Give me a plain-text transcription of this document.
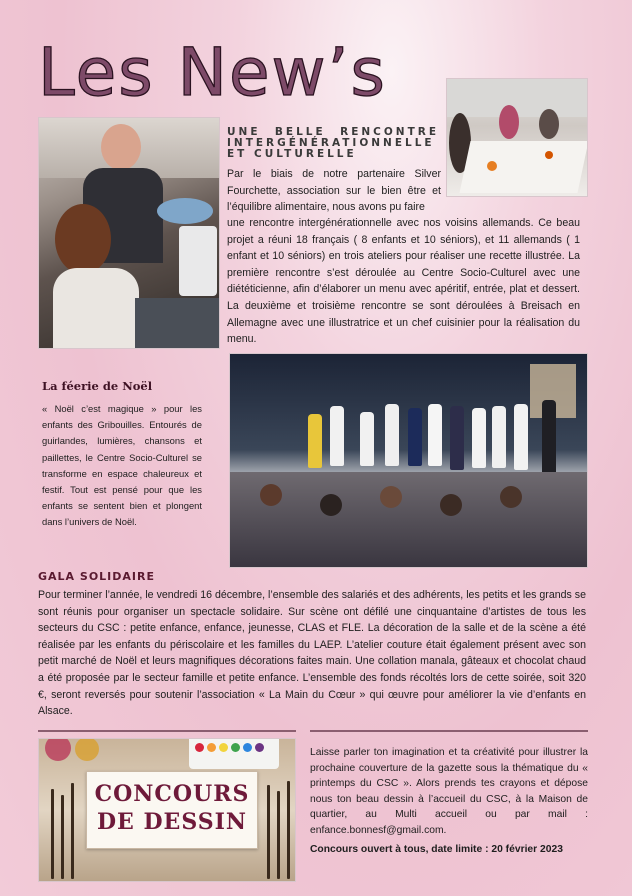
Les New’s
UNE BELLE RENCONTRE INTERGÉNÉRATIONNELLE ET CULTURELLE
Par le biais de notre partenaire Silver Fourchette, association sur le bien être et l’équilibre alimentaire, nous avons pu faire
une rencontre intergénérationnelle avec nos voisins allemands. Ce beau projet a réuni 18 français ( 8 enfants et 10 séniors), et 11 allemands ( 1 enfant et 10 séniors) en trois ateliers pour réaliser une recette illustrée. La première rencontre s’est déroulée au Centre Socio-Culturel avec une diététicienne, afin d’élaborer un menu avec apéritif, entrée, plat et dessert. La deuxième et troisième rencontre se sont déroulées à Breisach en Allemagne avec une illustratrice et un chef cuisinier pour la réalisation du menu.
La féerie de Noël
« Noël c’est magique » pour les enfants des Gribouilles. Entourés de guirlandes, lumières, chansons et paillettes, le Centre Socio-Culturel se transforme en espace chaleureux et festif. Tout est pensé pour que les enfants se sentent bien et plongent dans l’univers de Noël.
GALA SOLIDAIRE
Pour terminer l’année, le vendredi 16 décembre, l’ensemble des salariés et des adhérents, les petits et les grands se sont réunis pour organiser un spectacle solidaire. Sur scène ont défilé une cinquantaine d’artistes de tous les secteurs du CSC : petite enfance, enfance, jeunesse, CLAS et FLE. La décoration de la salle et de la scène a été réalisée par les enfants du périscolaire et les familles du LAEP. L’atelier couture était également présent avec son petit marché de Noël et leurs magnifiques décorations faites main. Une collation manala, gâteaux et chocolat chaud a été proposée par le secteur famille et petite enfance. L’ensemble des fonds récoltés lors de cette soirée, soit 320 €, seront reversés pour soutenir l’association « La Main du Cœur » qui œuvre pour améliorer la vie d’enfants en Alsace.
CONCOURS
DE DESSIN
Laisse parler ton imagination et ta créativité pour illustrer la prochaine couverture de la gazette sous la thématique du « printemps du CSC ». Alors prends tes crayons et dépose nous ton beau dessin à l’accueil du CSC, à la Maison de quartier, au Multi accueil ou par mail : enfance.bonnesf@gmail.com.
Concours ouvert à tous, date limite : 20 février 2023
